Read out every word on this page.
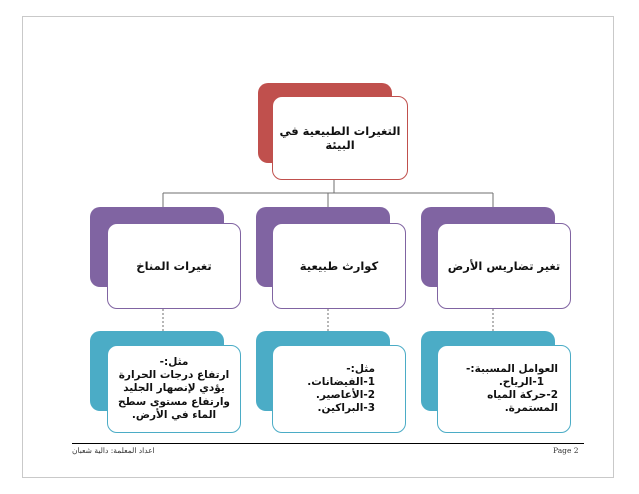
التغيرات الطبيعية في البيئة
تغيرات المناخ	كوارث طبيعية	تغير تضاريس الأرض
مثل:-
ارتفاع درجات الحرارة يؤدي لإنصهار الجليد وارتفاع مستوى سطح الماء في الأرض.
مثل:-
1-الفيضانات.
2-الأعاصير.
3-البراكين.
العوامل المسببة:-
1-الرياح.
2-حركة المياه المستمرة.
اعداد المعلمة: دالية شعبان	Page 2
